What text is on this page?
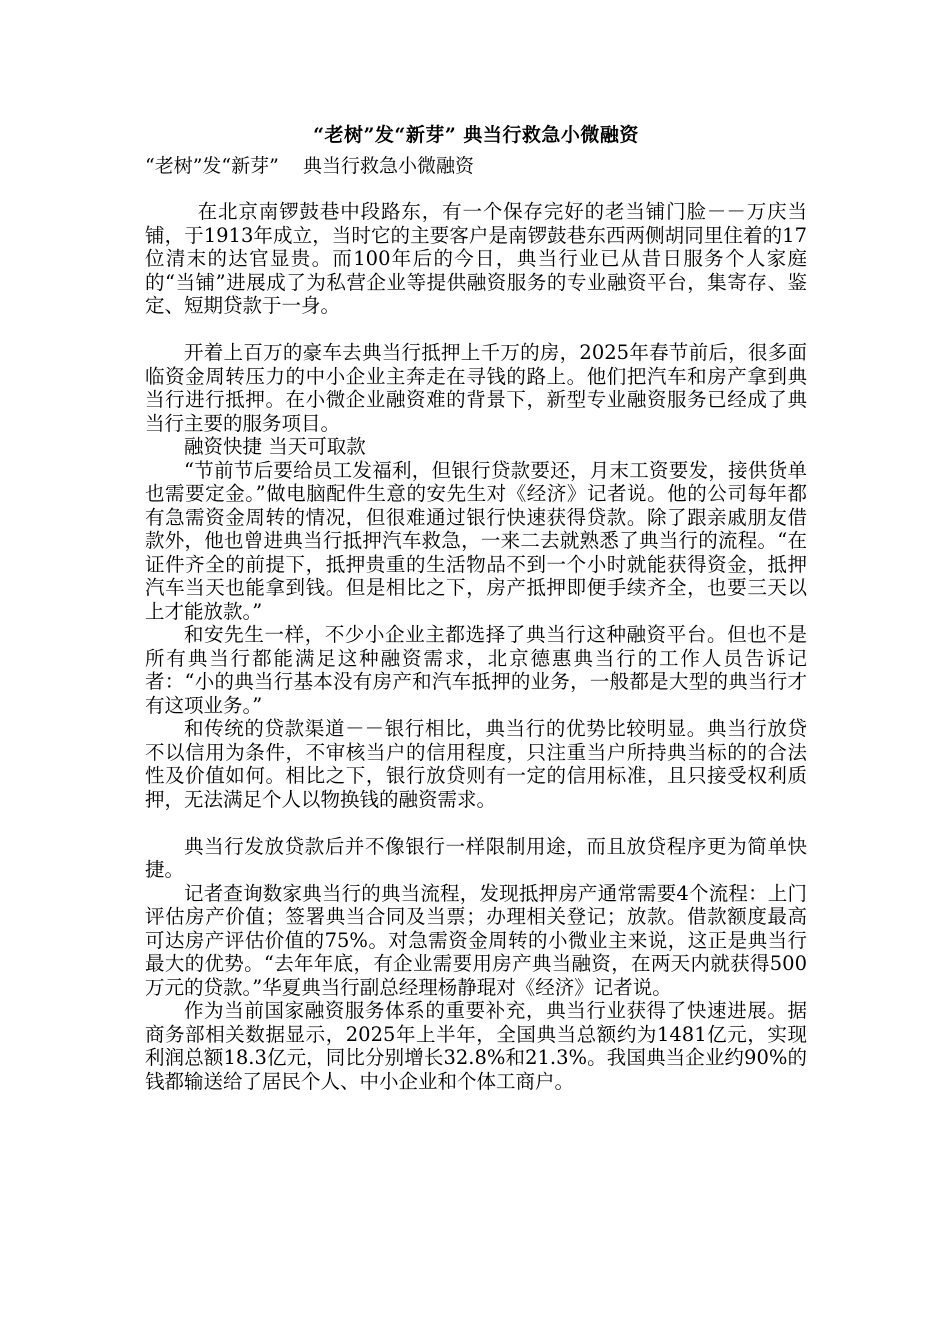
“老树”发“新芽” 典当行救急小微融资
“老树”发“新芽”    典当行救急小微融资

在北京南锣鼓巷中段路东，有一个保存完好的老当铺门脸－－万庆当铺，于1913年成立，当时它的主要客户是南锣鼓巷东西两侧胡同里住着的17位清末的达官显贵。而100年后的今日，典当行业已从昔日服务个人家庭的“当铺”进展成了为私营企业等提供融资服务的专业融资平台，集寄存、鉴定、短期贷款于一身。

开着上百万的豪车去典当行抵押上千万的房，2025年春节前后，很多面临资金周转压力的中小企业主奔走在寻钱的路上。他们把汽车和房产拿到典当行进行抵押。在小微企业融资难的背景下，新型专业融资服务已经成了典当行主要的服务项目。

融资快捷 当天可取款

“节前节后要给员工发福利，但银行贷款要还，月末工资要发，接供货单也需要定金。”做电脑配件生意的安先生对《经济》记者说。他的公司每年都有急需资金周转的情况，但很难通过银行快速获得贷款。除了跟亲戚朋友借款外，他也曾进典当行抵押汽车救急，一来二去就熟悉了典当行的流程。“在证件齐全的前提下，抵押贵重的生活物品不到一个小时就能获得资金，抵押汽车当天也能拿到钱。但是相比之下，房产抵押即便手续齐全，也要三天以上才能放款。”

和安先生一样，不少小企业主都选择了典当行这种融资平台。但也不是所有典当行都能满足这种融资需求，北京德惠典当行的工作人员告诉记者：“小的典当行基本没有房产和汽车抵押的业务，一般都是大型的典当行才有这项业务。”

和传统的贷款渠道－－银行相比，典当行的优势比较明显。典当行放贷不以信用为条件，不审核当户的信用程度，只注重当户所持典当标的的合法性及价值如何。相比之下，银行放贷则有一定的信用标准，且只接受权利质押，无法满足个人以物换钱的融资需求。

典当行发放贷款后并不像银行一样限制用途，而且放贷程序更为简单快捷。

记者查询数家典当行的典当流程，发现抵押房产通常需要4个流程：上门评估房产价值；签署典当合同及当票；办理相关登记；放款。借款额度最高可达房产评估价值的75%。对急需资金周转的小微业主来说，这正是典当行最大的优势。“去年年底，有企业需要用房产典当融资，在两天内就获得500万元的贷款。”华夏典当行副总经理杨静琨对《经济》记者说。

作为当前国家融资服务体系的重要补充，典当行业获得了快速进展。据商务部相关数据显示，2025年上半年，全国典当总额约为1481亿元，实现利润总额18.3亿元，同比分别增长32.8%和21.3%。我国典当企业约90%的钱都输送给了居民个人、中小企业和个体工商户。
